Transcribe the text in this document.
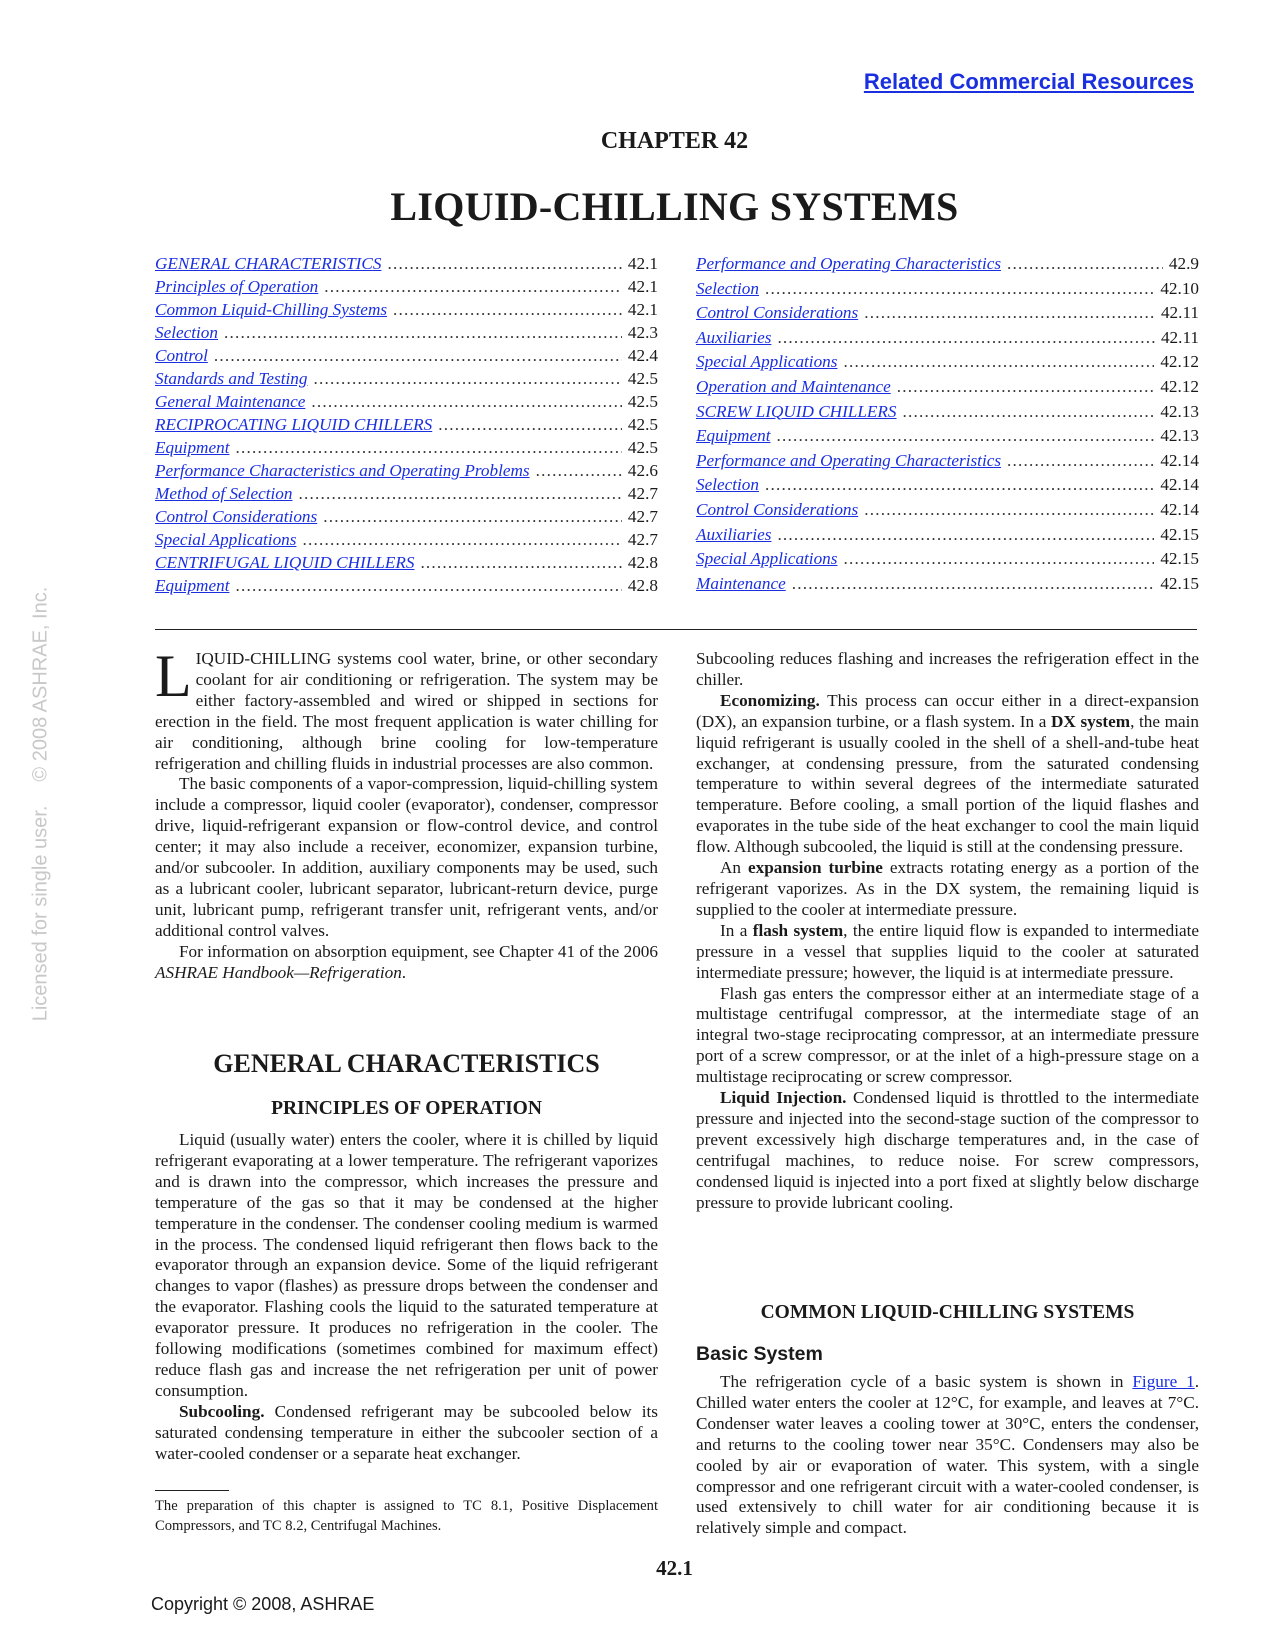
Related Commercial Resources
CHAPTER 42
LIQUID-CHILLING SYSTEMS
GENERAL CHARACTERISTICS .....	42.1
Principles of Operation .....	42.1
Common Liquid-Chilling Systems .....	42.1
Selection .....	42.3
Control .....	42.4
Standards and Testing .....	42.5
General Maintenance .....	42.5
RECIPROCATING LIQUID CHILLERS .....	42.5
Equipment .....	42.5
Performance Characteristics and Operating Problems .....	42.6
Method of Selection .....	42.7
Control Considerations .....	42.7
Special Applications .....	42.7
CENTRIFUGAL LIQUID CHILLERS .....	42.8
Equipment .....	42.8
Performance and Operating Characteristics .....	42.9
Selection .....	42.10
Control Considerations .....	42.11
Auxiliaries .....	42.11
Special Applications .....	42.12
Operation and Maintenance .....	42.12
SCREW LIQUID CHILLERS .....	42.13
Equipment .....	42.13
Performance and Operating Characteristics .....	42.14
Selection .....	42.14
Control Considerations .....	42.14
Auxiliaries .....	42.15
Special Applications .....	42.15
Maintenance .....	42.15

LIQUID-CHILLING systems cool water, brine, or other secondary coolant for air conditioning or refrigeration. The system may be either factory-assembled and wired or shipped in sections for erection in the field. The most frequent application is water chilling for air conditioning, although brine cooling for low-temperature refrigeration and chilling fluids in industrial processes are also common.

The basic components of a vapor-compression, liquid-chilling system include a compressor, liquid cooler (evaporator), condenser, compressor drive, liquid-refrigerant expansion or flow-control device, and control center; it may also include a receiver, economizer, expansion turbine, and/or subcooler. In addition, auxiliary components may be used, such as a lubricant cooler, lubricant separator, lubricant-return device, purge unit, lubricant pump, refrigerant transfer unit, refrigerant vents, and/or additional control valves.

For information on absorption equipment, see Chapter 41 of the 2006 ASHRAE Handbook—Refrigeration.

GENERAL CHARACTERISTICS
PRINCIPLES OF OPERATION

Liquid (usually water) enters the cooler, where it is chilled by liquid refrigerant evaporating at a lower temperature. The refrigerant vaporizes and is drawn into the compressor, which increases the pressure and temperature of the gas so that it may be condensed at the higher temperature in the condenser. The condenser cooling medium is warmed in the process. The condensed liquid refrigerant then flows back to the evaporator through an expansion device. Some of the liquid refrigerant changes to vapor (flashes) as pressure drops between the condenser and the evaporator. Flashing cools the liquid to the saturated temperature at evaporator pressure. It produces no refrigeration in the cooler. The following modifications (sometimes combined for maximum effect) reduce flash gas and increase the net refrigeration per unit of power consumption.

Subcooling. Condensed refrigerant may be subcooled below its saturated condensing temperature in either the subcooler section of a water-cooled condenser or a separate heat exchanger.

The preparation of this chapter is assigned to TC 8.1, Positive Displacement Compressors, and TC 8.2, Centrifugal Machines.

Subcooling reduces flashing and increases the refrigeration effect in the chiller.

Economizing. This process can occur either in a direct-expansion (DX), an expansion turbine, or a flash system. In a DX system, the main liquid refrigerant is usually cooled in the shell of a shell-and-tube heat exchanger, at condensing pressure, from the saturated condensing temperature to within several degrees of the intermediate saturated temperature. Before cooling, a small portion of the liquid flashes and evaporates in the tube side of the heat exchanger to cool the main liquid flow. Although subcooled, the liquid is still at the condensing pressure.

An expansion turbine extracts rotating energy as a portion of the refrigerant vaporizes. As in the DX system, the remaining liquid is supplied to the cooler at intermediate pressure.

In a flash system, the entire liquid flow is expanded to intermediate pressure in a vessel that supplies liquid to the cooler at saturated intermediate pressure; however, the liquid is at intermediate pressure.

Flash gas enters the compressor either at an intermediate stage of a multistage centrifugal compressor, at the intermediate stage of an integral two-stage reciprocating compressor, at an intermediate pressure port of a screw compressor, or at the inlet of a high-pressure stage on a multistage reciprocating or screw compressor.

Liquid Injection. Condensed liquid is throttled to the intermediate pressure and injected into the second-stage suction of the compressor to prevent excessively high discharge temperatures and, in the case of centrifugal machines, to reduce noise. For screw compressors, condensed liquid is injected into a port fixed at slightly below discharge pressure to provide lubricant cooling.

COMMON LIQUID-CHILLING SYSTEMS
Basic System

The refrigeration cycle of a basic system is shown in Figure 1. Chilled water enters the cooler at 12°C, for example, and leaves at 7°C. Condenser water leaves a cooling tower at 30°C, enters the condenser, and returns to the cooling tower near 35°C. Condensers may also be cooled by air or evaporation of water. This system, with a single compressor and one refrigerant circuit with a water-cooled condenser, is used extensively to chill water for air conditioning because it is relatively simple and compact.

42.1
Copyright © 2008, ASHRAE
Licensed for single user.© 2008 ASHRAE, Inc.
